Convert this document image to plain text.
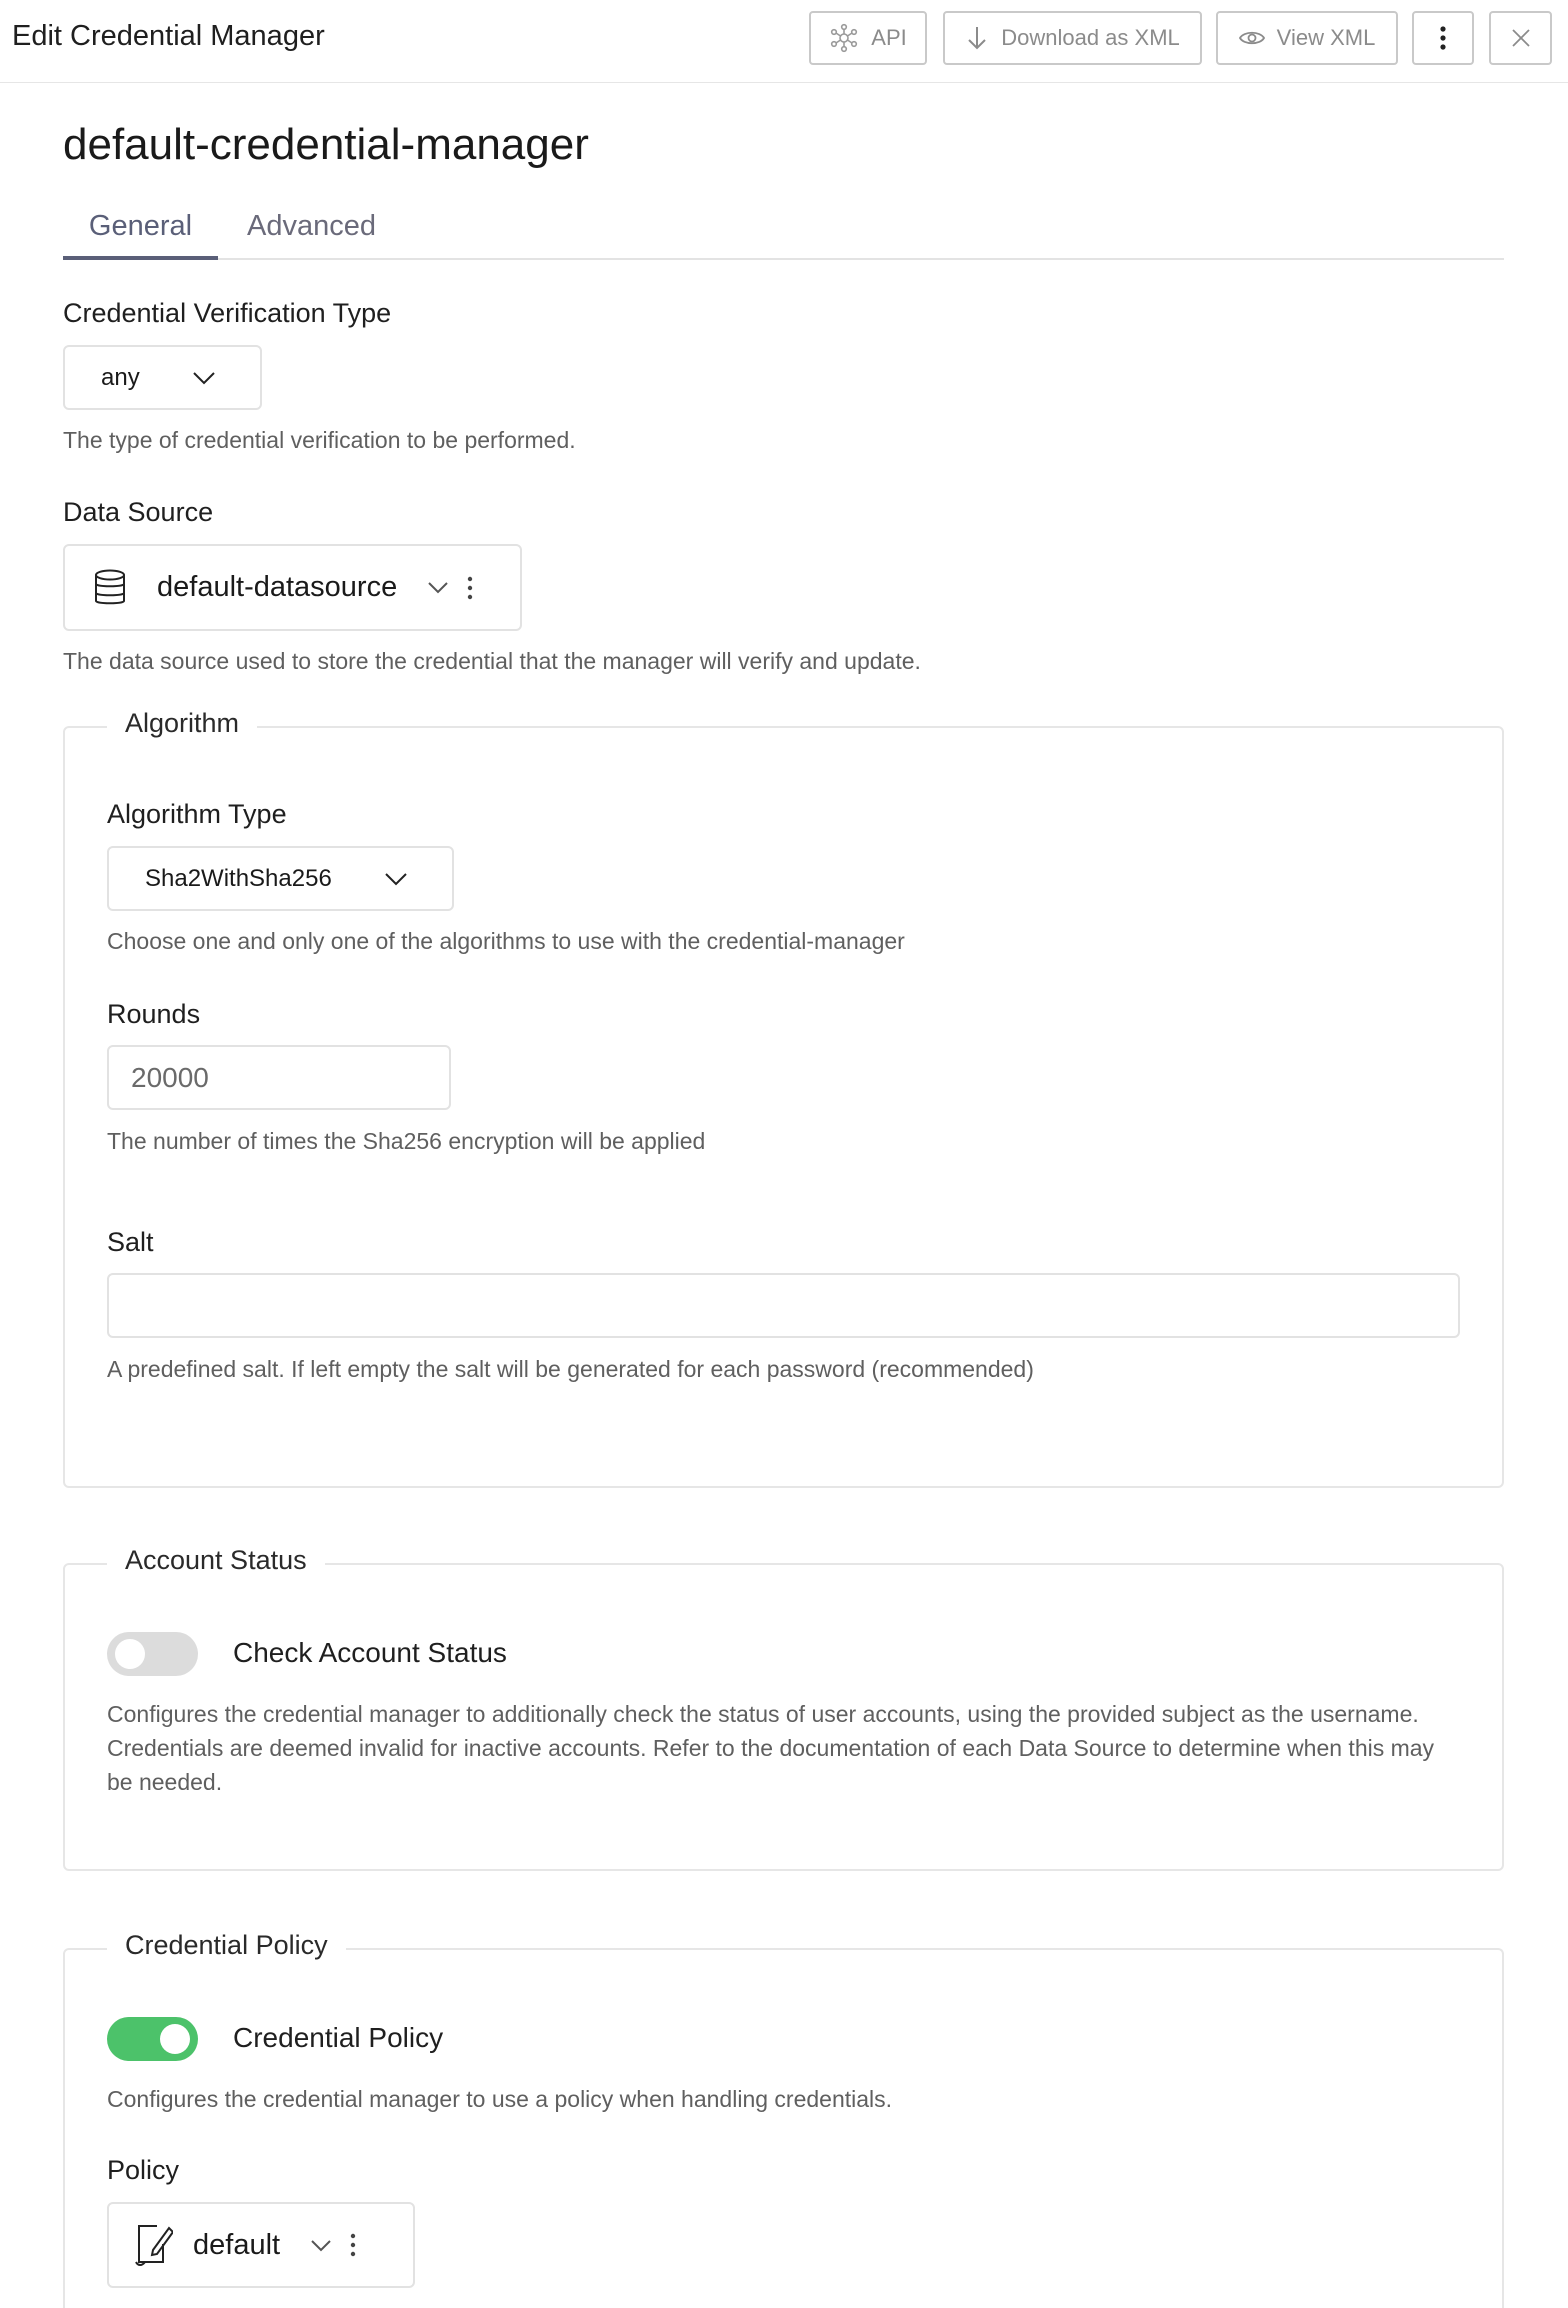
Edit Credential Manager	API	Download as XML	View XML
default-credential-manager
General	Advanced
Credential Verification Type
any
The type of credential verification to be performed.
Data Source
default-datasource
The data source used to store the credential that the manager will verify and update.
Algorithm
Algorithm Type
Sha2WithSha256
Choose one and only one of the algorithms to use with the credential-manager
Rounds
20000
The number of times the Sha256 encryption will be applied
Salt
A predefined salt. If left empty the salt will be generated for each password (recommended)
Account Status
Check Account Status
Configures the credential manager to additionally check the status of user accounts, using the provided subject as the username. Credentials are deemed invalid for inactive accounts. Refer to the documentation of each Data Source to determine when this may be needed.
Credential Policy
Credential Policy
Configures the credential manager to use a policy when handling credentials.
Policy
default
